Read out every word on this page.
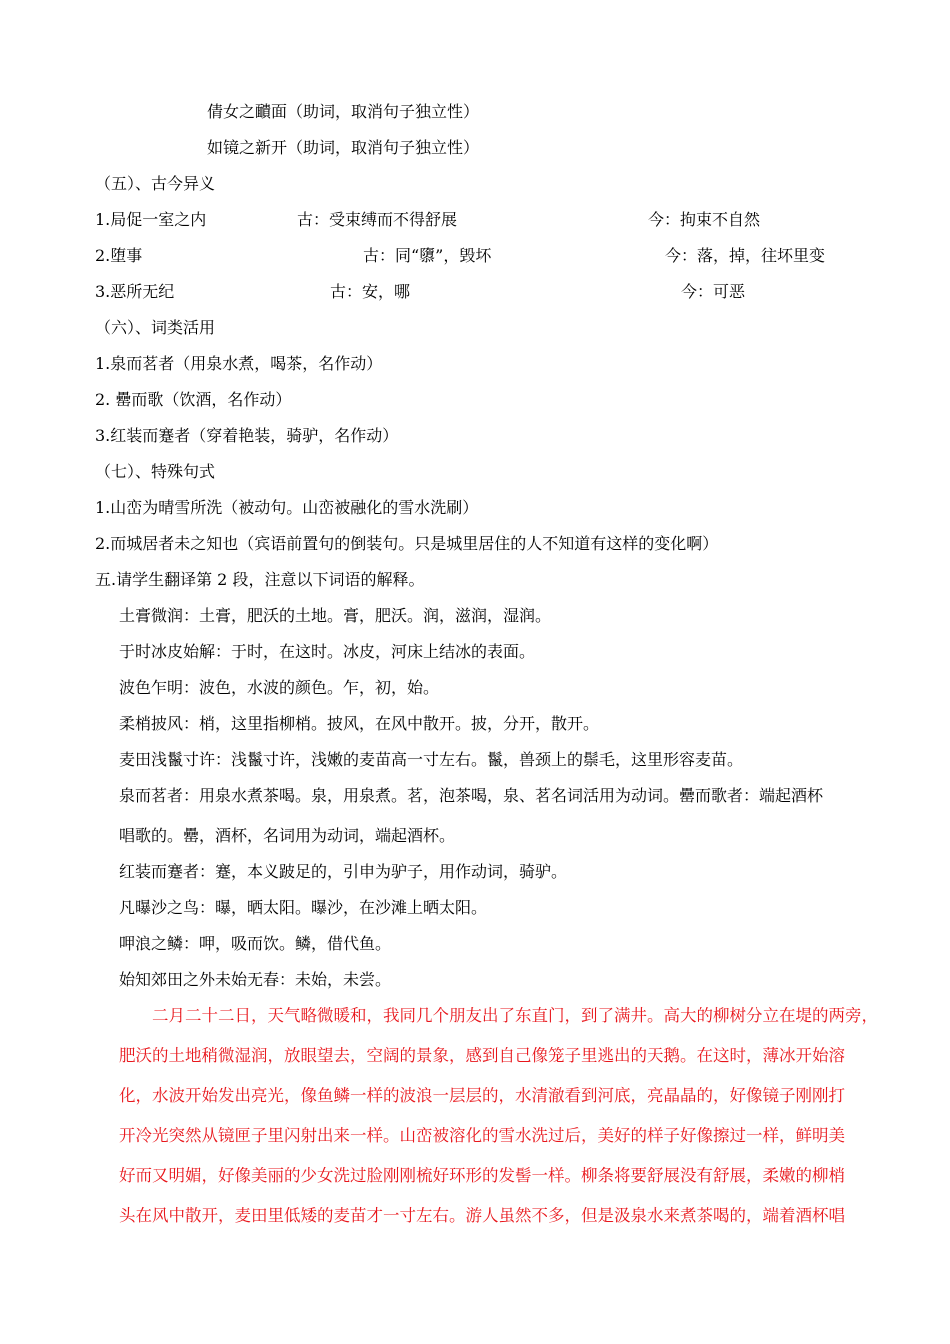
倩女之靧面（助词，取消句子独立性）
如镜之新开（助词，取消句子独立性）
（五）、古今异义
1.局促一室之内	古：受束缚而不得舒展	今：拘束不自然
2.堕事	古：同“隳”，毁坏	今：落，掉，往坏里变
3.恶所无纪	古：安，哪	今：可恶
（六）、词类活用
1.泉而茗者（用泉水煮，喝茶，名作动）
2. 罍而歌（饮酒，名作动）
3.红装而蹇者（穿着艳装，骑驴，名作动）
（七）、特殊句式
1.山峦为晴雪所洗（被动句。山峦被融化的雪水洗刷）
2.而城居者未之知也（宾语前置句的倒装句。只是城里居住的人不知道有这样的变化啊）
五.请学生翻译第 2 段，注意以下词语的解释。
土膏微润：土膏，肥沃的土地。膏，肥沃。润，滋润，湿润。
于时冰皮始解：于时，在这时。冰皮，河床上结冰的表面。
波色乍明：波色，水波的颜色。乍，初，始。
柔梢披风：梢，这里指柳梢。披风，在风中散开。披，分开，散开。
麦田浅鬣寸许：浅鬣寸许，浅嫩的麦苗高一寸左右。鬣，兽颈上的鬃毛，这里形容麦苗。
泉而茗者：用泉水煮茶喝。泉，用泉煮。茗，泡茶喝，泉、茗名词活用为动词。罍而歌者：端起酒杯
唱歌的。罍，酒杯，名词用为动词，端起酒杯。
红装而蹇者：蹇，本义跛足的，引申为驴子，用作动词，骑驴。
凡曝沙之鸟：曝，晒太阳。曝沙，在沙滩上晒太阳。
呷浪之鳞：呷，吸而饮。鳞，借代鱼。
始知郊田之外未始无春：未始，未尝。
二月二十二日，天气略微暖和，我同几个朋友出了东直门，到了满井。高大的柳树分立在堤的两旁，
肥沃的土地稍微湿润，放眼望去，空阔的景象，感到自己像笼子里逃出的天鹅。在这时，薄冰开始溶
化，水波开始发出亮光，像鱼鳞一样的波浪一层层的，水清澈看到河底，亮晶晶的，好像镜子刚刚打
开冷光突然从镜匣子里闪射出来一样。山峦被溶化的雪水洗过后，美好的样子好像擦过一样，鲜明美
好而又明媚，好像美丽的少女洗过脸刚刚梳好环形的发髻一样。柳条将要舒展没有舒展，柔嫩的柳梢
头在风中散开，麦田里低矮的麦苗才一寸左右。游人虽然不多，但是汲泉水来煮茶喝的，端着酒杯唱
